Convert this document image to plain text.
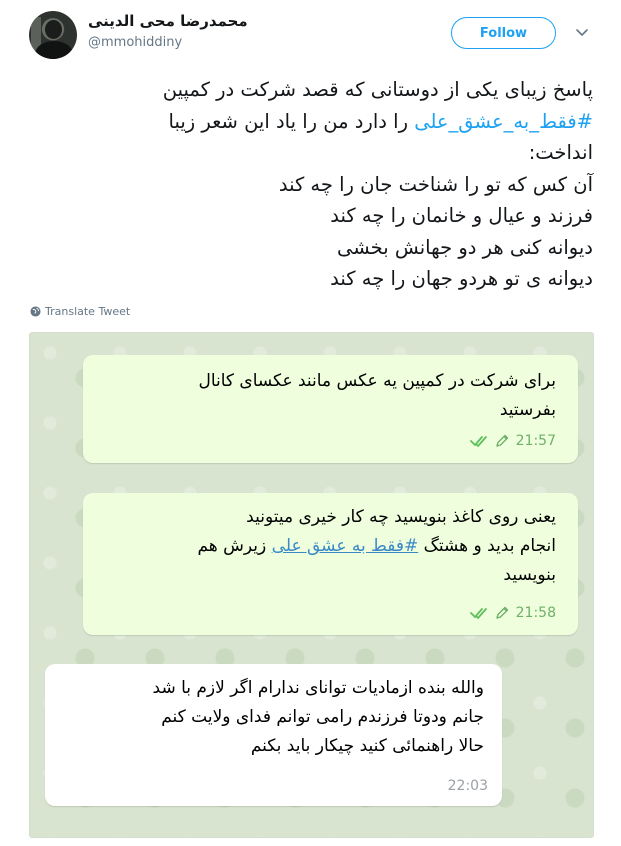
محمدرضا محی الدینی
@mmohiddiny
Follow
پاسخ زیبای یکی از دوستانی که قصد شرکت در کمپین
#فقط_به_عشق_علی را دارد من را یاد این شعر زیبا
انداخت:
آن کس که تو را شناخت جان را چه کند
فرزند و عیال و خانمان را چه کند
دیوانه کنی هر دو جهانش بخشی
دیوانه ی تو هردو جهان را چه کند
Translate Tweet
برای شرکت در کمپین یه عکس مانند عکسای کانال
بفرستید
21:57
یعنی روی کاغذ بنویسید چه کار خیری میتونید
انجام بدید و هشتگ #فقط به عشق علی زیرش هم
بنویسید
21:58
والله بنده ازمادیات توانای ندارام اگر لازم با شد
جانم ودوتا فرزندم رامی توانم فدای ولایت کنم
حالا راهنمائی کنید چیکار باید بکنم
22:03
